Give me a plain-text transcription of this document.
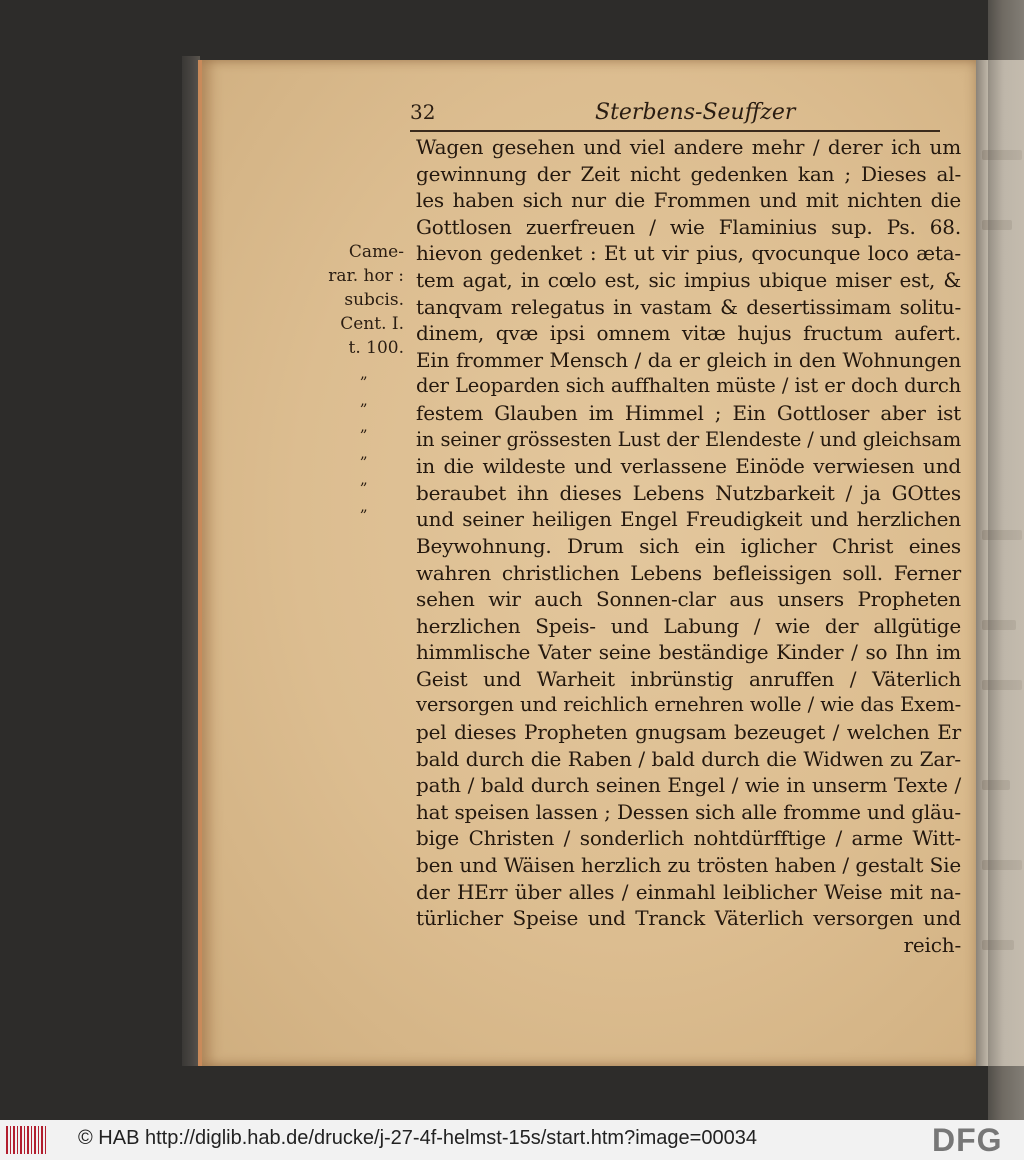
32	Sterbens-Seuffzer
Came-
rar. hor :
subcis.
Cent. I.
t. 100.
„
„
„
„
„
„
Wagen gesehen und viel andere mehr / derer ich um
gewinnung der Zeit nicht gedenken kan ; Dieses al-
les haben sich nur die Frommen und mit nichten die
Gottlosen zuerfreuen / wie Flaminius sup. Ps. 68.
hievon gedenket : Et ut vir pius, qvocunque loco æta-
tem agat, in cœlo est, sic impius ubique miser est, &
tanqvam relegatus in vastam & desertissimam solitu-
dinem, qvæ ipsi omnem vitæ hujus fructum aufert.
Ein frommer Mensch / da er gleich in den Wohnungen
der Leoparden sich auffhalten müste / ist er doch durch
festem Glauben im Himmel ; Ein Gottloser aber ist
in seiner grössesten Lust der Elendeste / und gleichsam
in die wildeste und verlassene Einöde verwiesen und
beraubet ihn dieses Lebens Nutzbarkeit / ja GOttes
und seiner heiligen Engel Freudigkeit und herzlichen
Beywohnung. Drum sich ein iglicher Christ eines
wahren christlichen Lebens befleissigen soll. Ferner
sehen wir auch Sonnen-clar aus unsers Propheten
herzlichen Speis- und Labung / wie der allgütige
himmlische Vater seine beständige Kinder / so Ihn im
Geist und Warheit inbrünstig anruffen / Väterlich
versorgen und reichlich ernehren wolle / wie das Exem-
pel dieses Propheten gnugsam bezeuget / welchen Er
bald durch die Raben / bald durch die Widwen zu Zar-
path / bald durch seinen Engel / wie in unserm Texte /
hat speisen lassen ; Dessen sich alle fromme und gläu-
bige Christen / sonderlich nohtdürfftige / arme Witt-
ben und Wäisen herzlich zu trösten haben / gestalt Sie
der HErr über alles / einmahl leiblicher Weise mit na-
türlicher Speise und Tranck Väterlich versorgen und
reich-
© HAB http://diglib.hab.de/drucke/j-27-4f-helmst-15s/start.htm?image=00034	DFG
